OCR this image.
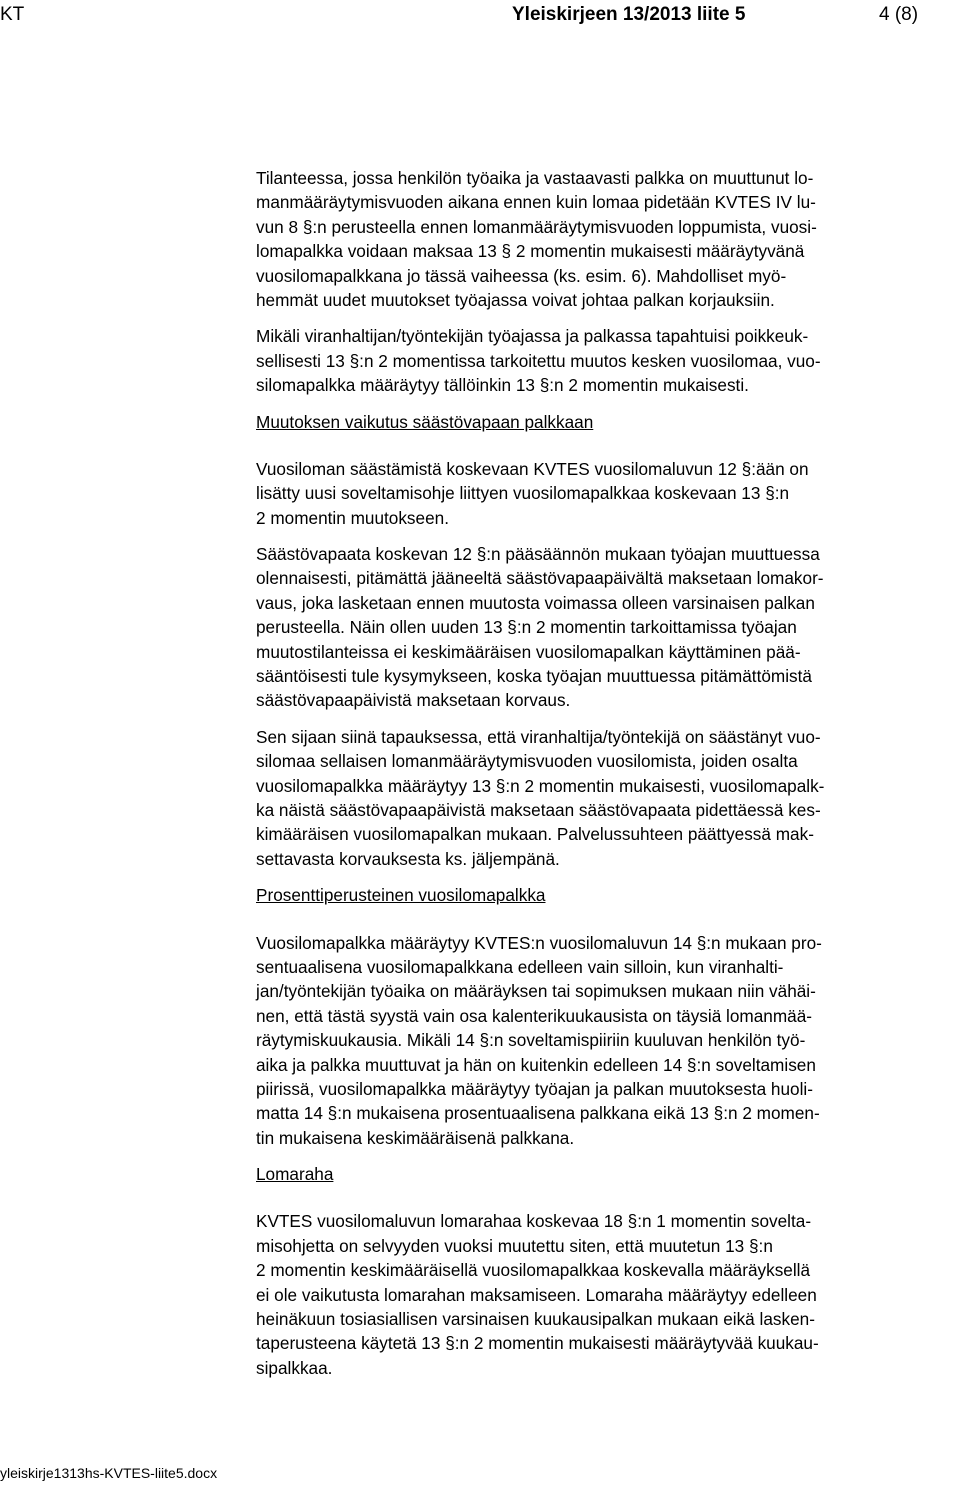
KT	Yleiskirjeen 13/2013 liite 5	4 (8)
Tilanteessa, jossa henkilön työaika ja vastaavasti palkka on muuttunut lo-
manmääräytymisvuoden aikana ennen kuin lomaa pidetään KVTES IV lu-
vun 8 §:n perusteella ennen lomanmääräytymisvuoden loppumista, vuosi-
lomapalkka voidaan maksaa 13 § 2 momentin mukaisesti määräytyvänä
vuosilomapalkkana jo tässä vaiheessa (ks. esim. 6). Mahdolliset myö-
hemmät uudet muutokset työajassa voivat johtaa palkan korjauksiin.
Mikäli viranhaltijan/työntekijän työajassa ja palkassa tapahtuisi poikkeuk-
sellisesti 13 §:n 2 momentissa tarkoitettu muutos kesken vuosilomaa, vuo-
silomapalkka määräytyy tällöinkin 13 §:n 2 momentin mukaisesti.
Muutoksen vaikutus säästövapaan palkkaan
Vuosiloman säästämistä koskevaan KVTES vuosilomaluvun 12 §:ään on
lisätty uusi soveltamisohje liittyen vuosilomapalkkaa koskevaan 13 §:n
2 momentin muutokseen.
Säästövapaata koskevan 12 §:n pääsäännön mukaan työajan muuttuessa
olennaisesti, pitämättä jääneeltä säästövapaapäivältä maksetaan lomakor-
vaus, joka lasketaan ennen muutosta voimassa olleen varsinaisen palkan
perusteella. Näin ollen uuden 13 §:n 2 momentin tarkoittamissa työajan
muutostilanteissa ei keskimääräisen vuosilomapalkan käyttäminen pää-
sääntöisesti tule kysymykseen, koska työajan muuttuessa pitämättömistä
säästövapaapäivistä maksetaan korvaus.
Sen sijaan siinä tapauksessa, että viranhaltija/työntekijä on säästänyt vuo-
silomaa sellaisen lomanmääräytymisvuoden vuosilomista, joiden osalta
vuosilomapalkka määräytyy 13 §:n 2 momentin mukaisesti, vuosilomapalk-
ka näistä säästövapaapäivistä maksetaan säästövapaata pidettäessä kes-
kimääräisen vuosilomapalkan mukaan. Palvelussuhteen päättyessä mak-
settavasta korvauksesta ks. jäljempänä.
Prosenttiperusteinen vuosilomapalkka
Vuosilomapalkka määräytyy KVTES:n vuosilomaluvun 14 §:n mukaan pro-
sentuaalisena vuosilomapalkkana edelleen vain silloin, kun viranhalti-
jan/työntekijän työaika on määräyksen tai sopimuksen mukaan niin vähäi-
nen, että tästä syystä vain osa kalenterikuukausista on täysiä lomanmää-
räytymiskuukausia. Mikäli 14 §:n soveltamispiiriin kuuluvan henkilön työ-
aika ja palkka muuttuvat ja hän on kuitenkin edelleen 14 §:n soveltamisen
piirissä, vuosilomapalkka määräytyy työajan ja palkan muutoksesta huoli-
matta 14 §:n mukaisena prosentuaalisena palkkana eikä 13 §:n 2 momen-
tin mukaisena keskimääräisenä palkkana.
Lomaraha
KVTES vuosilomaluvun lomarahaa koskevaa 18 §:n 1 momentin soveltа-
misohjetta on selvyyden vuoksi muutettu siten, että muutetun 13 §:n
2 momentin keskimääräisellä vuosilomapalkkaa koskevalla määräyksellä
ei ole vaikutusta lomarahan maksamiseen. Lomaraha määräytyy edelleen
heinäkuun tosiasiallisen varsinaisen kuukausipalkan mukaan eikä lasken-
taperusteena käytetä 13 §:n 2 momentin mukaisesti määräytyvää kuukau-
sipalkkaa.
yleiskirje1313hs-KVTES-liite5.docx
